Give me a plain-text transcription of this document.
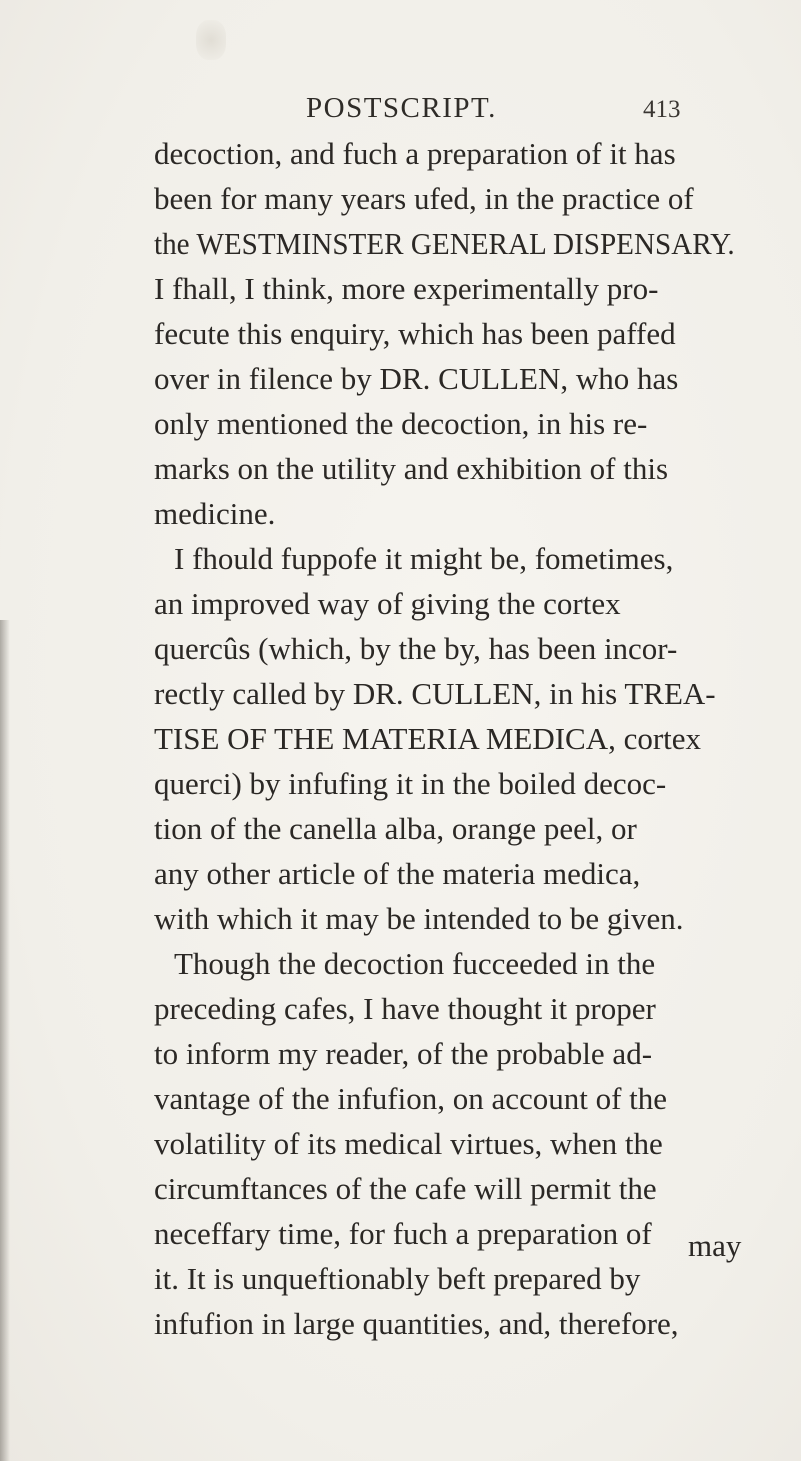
POSTSCRIPT.	413
decoction, and fuch a preparation of it has
been for many years ufed, in the practice of
the WESTMINSTER GENERAL DISPENSARY.
I fhall, I think, more experimentally pro-
fecute this enquiry, which has been paffed
over in filence by DR. CULLEN, who has
only mentioned the decoction, in his re-
marks on the utility and exhibition of this
medicine.
I fhould fuppofe it might be, fometimes,
an improved way of giving the cortex
quercûs (which, by the by, has been incor-
rectly called by DR. CULLEN, in his TREA-
TISE OF THE MATERIA MEDICA, cortex
querci) by infufing it in the boiled decoc-
tion of the canella alba, orange peel, or
any other article of the materia medica,
with which it may be intended to be given.
Though the decoction fucceeded in the
preceding cafes, I have thought it proper
to inform my reader, of the probable ad-
vantage of the infufion, on account of the
volatility of its medical virtues, when the
circumftances of the cafe will permit the
neceffary time, for fuch a preparation of
it. It is unqueftionably beft prepared by
infufion in large quantities, and, therefore,
may
